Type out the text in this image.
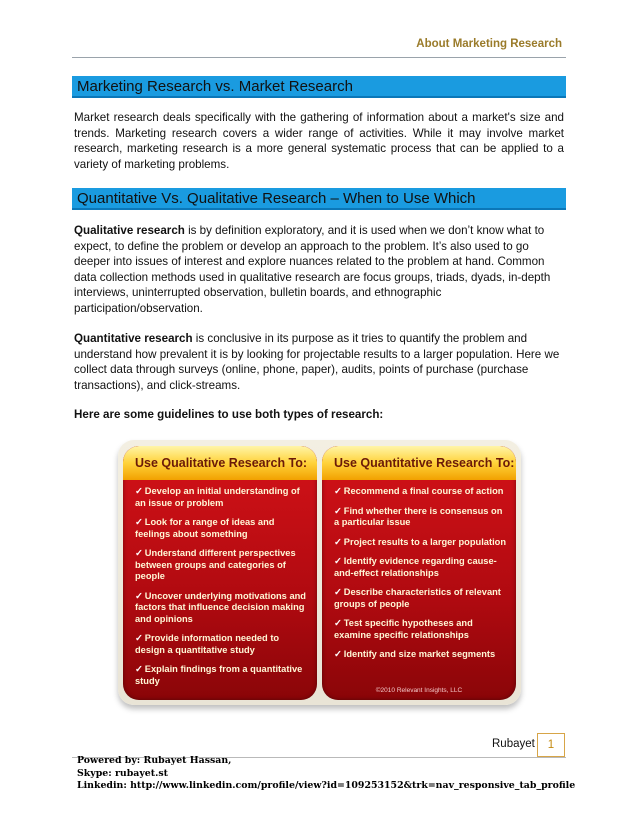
About Marketing Research
Marketing Research vs. Market Research
Market research deals specifically with the gathering of information about a market's size and trends. Marketing research covers a wider range of activities. While it may involve market research, marketing research is a more general systematic process that can be applied to a variety of marketing problems.
Quantitative Vs. Qualitative Research – When to Use Which
Qualitative research is by definition exploratory, and it is used when we don’t know what to expect, to define the problem or develop an approach to the problem. It’s also used to go deeper into issues of interest and explore nuances related to the problem at hand. Common data collection methods used in qualitative research are focus groups, triads, dyads, in-depth interviews, uninterrupted observation, bulletin boards, and ethnographic participation/observation.
Quantitative research is conclusive in its purpose as it tries to quantify the problem and understand how prevalent it is by looking for projectable results to a larger population. Here we collect data through surveys (online, phone, paper), audits, points of purchase (purchase transactions), and click-streams.
Here are some guidelines to use both types of research:
Use Qualitative Research To:
✓ Develop an initial understanding of an issue or problem
✓ Look for a range of ideas and feelings about something
✓ Understand different perspectives between groups and categories of people
✓ Uncover underlying motivations and factors that influence decision making and opinions
✓ Provide information needed to design a quantitative study
✓ Explain findings from a quantitative study
Use Quantitative Research To:
✓ Recommend a final course of action
✓ Find whether there is consensus on a particular issue
✓ Project results to a larger population
✓ Identify evidence regarding cause-and-effect relationships
✓ Describe characteristics of relevant groups of people
✓ Test specific hypotheses and examine specific relationships
✓ Identify and size market segments
©2010 Relevant Insights, LLC
Rubayet	1
Powered by: Rubayet Hassan,
Skype: rubayet.st
Linkedin: http://www.linkedin.com/profile/view?id=109253152&trk=nav_responsive_tab_profile
